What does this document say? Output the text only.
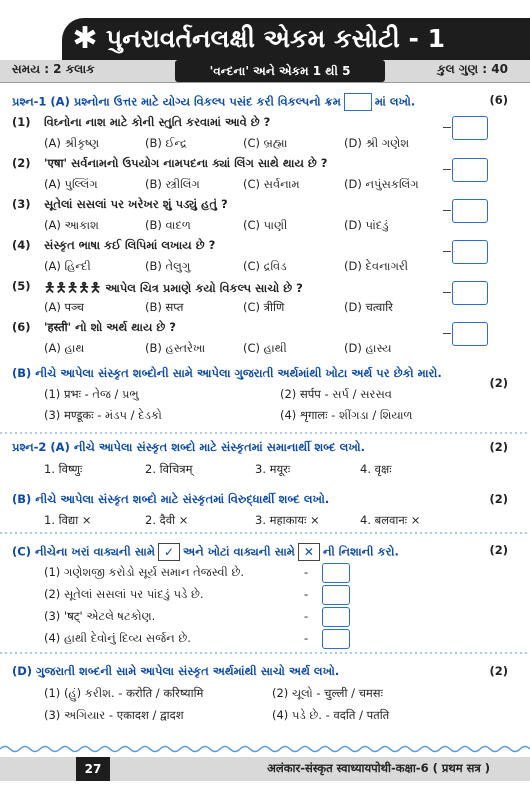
✱ પુનરાવર્તનલક્ષી એકમ કસોટી - 1
સમય : 2 કલાક	'વન્દના' અને એકમ 1 થી 5	કુલ ગુણ : 40
પ્રશ્ન-1 (A) પ્રશ્નોના ઉત્તર માટે યોગ્ય વિકલ્પ પસંદ કરી વિકલ્પનો ક્રમ	માં લખો.	(6)
(1) વિઘ્નોના નાશ માટે કોની સ્તુતિ કરવામાં આવે છે ?
(A) શ્રીકૃષ્ણ	(B) ઈન્દ્ર	(C) બ્રહ્મા	(D) શ્રી ગણેશ
(2) 'एषा' સર્વનામનો ઉપયોગ નામપદના ક્યાં લિંગ સાથે થાય છે ?
(A) પુલ્લિંગ	(B) સ્ત્રીલિંગ	(C) સર્વનામ	(D) નપુંસકલિંગ
(3) સૂતેલાં સસલાં પર ખરેખર શું પડ્યું હતું ?
(A) આકાશ	(B) વાદળ	(C) પાણી	(D) પાંદડું
(4) સંસ્કૃત ભાષા કઈ લિપિમાં લખાય છે ?
(A) હિન્દી	(B) તેલુગુ	(C) દ્રવિડ	(D) દેવનાગરી
(5) 🯅🯅🯅🯅🯅 આપેલ ચિત્ર પ્રમાણે કયો વિકલ્પ સાચો છે ?
(A) पञ्च	(B) सप्त	(C) त्रीणि	(D) चत्वारि
(6) 'हस्ती' નો શો અર્થ થાય છે ?
(A) હાથ	(B) હસ્તરેખા	(C) હાથી	(D) હાસ્ય
(B) નીચે આપેલા સંસ્કૃત શબ્દોની સામે આપેલા ગુજરાતી અર્થમાંથી ખોટા અર્થ પર છેકો મારો.
(2)
(1) प्रभः - તેજ / પ્રભુ	(2) सर्पप - સર્પ / સરસવ
(3) मण्डूकः - મંડપ / દેડકો	(4) शृगालः - શીંગડા / શિયાળ
પ્રશ્ન-2 (A) નીચે આપેલા સંસ્કૃત શબ્દો માટે સંસ્કૃતમાં સમાનાર્થી શબ્દ લખો.	(2)
1. विष्णुः	2. विचित्रम्	3. मयूरः	4. वृक्षः
(B) નીચે આપેલા સંસ્કૃત શબ્દો માટે સંસ્કૃતમાં વિરુદ્ધાર્થી શબ્દ લખો.	(2)
1. विद्या ×	2. दैवी ×	3. महाकायः ×	4. बलवानः ×
(C) નીચેના ખરાં વાક્યની સામે ✓ અને ખોટાં વાક્યની સામે ✕ ની નિશાની કરો.	(2)
(1) ગણેશજી કરોડો સૂર્ય સમાન તેજસ્વી છે.
(2) સૂતેલાં સસલાં પર પાંદડું પડે છે.
(3) 'षट्' એટલે ષટકોણ.
(4) હાથી દેવોનું દિવ્ય સર્જન છે.
-
-
-
-
(D) ગુજરાતી શબ્દની સામે આપેલા સંસ્કૃત અર્થમાંથી સાચો અર્થ લખો.	(2)
(1) (હું) કરીશ. - करोति / करिष्यामि	(2) ચૂલો - चुल्ली / चमसः
(3) અગિયાર - एकादश / द्वादश	(4) પડે છે. - वदति / पतति
27	अलंकार-संस्कृत स्वाध्यायपोथी-कक्षा-6 ( प्रथम सत्र )
